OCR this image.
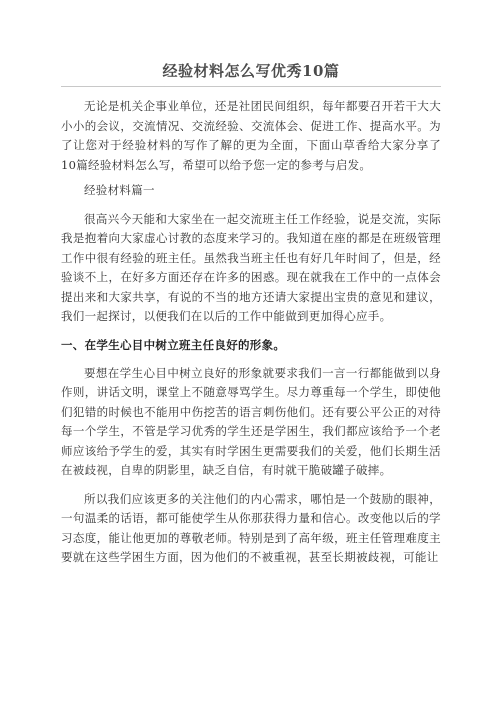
经验材料怎么写优秀10篇

无论是机关企事业单位，还是社团民间组织，每年都要召开若干大大小小的会议，交流情况、交流经验、交流体会、促进工作、提高水平。为了让您对于经验材料的写作了解的更为全面，下面山草香给大家分享了10篇经验材料怎么写，希望可以给予您一定的参考与启发。

经验材料篇一

很高兴今天能和大家坐在一起交流班主任工作经验，说是交流，实际我是抱着向大家虚心讨教的态度来学习的。我知道在座的都是在班级管理工作中很有经验的班主任。虽然我当班主任也有好几年时间了，但是，经验谈不上，在好多方面还存在许多的困惑。现在就我在工作中的一点体会提出来和大家共享，有说的不当的地方还请大家提出宝贵的意见和建议，我们一起探讨，以便我们在以后的工作中能做到更加得心应手。

一、在学生心目中树立班主任良好的形象。

要想在学生心目中树立良好的形象就要求我们一言一行都能做到以身作则，讲话文明，课堂上不随意辱骂学生。尽力尊重每一个学生，即使他们犯错的时候也不能用中伤挖苦的语言刺伤他们。还有要公平公正的对待每一个学生，不管是学习优秀的学生还是学困生，我们都应该给予一个老师应该给予学生的爱，其实有时学困生更需要我们的关爱，他们长期生活在被歧视，自卑的阴影里，缺乏自信，有时就干脆破罐子破摔。

所以我们应该更多的关注他们的内心需求，哪怕是一个鼓励的眼神，一句温柔的话语，都可能使学生从你那获得力量和信心。改变他以后的学习态度，能让他更加的尊敬老师。特别是到了高年级，班主任管理难度主要就在这些学困生方面，因为他们的不被重视，甚至长期被歧视，可能让
